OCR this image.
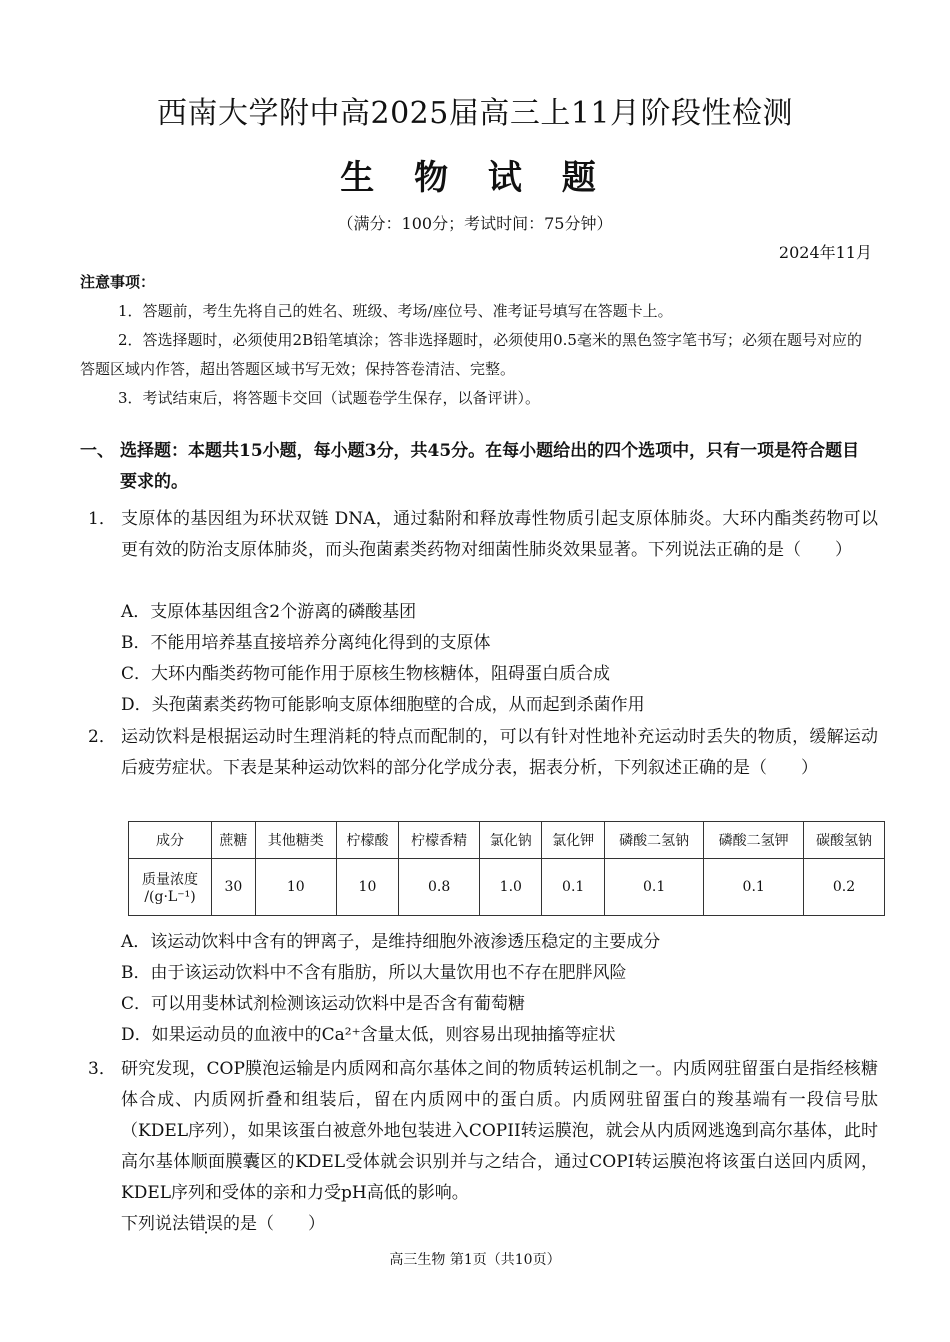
西南大学附中高2025届高三上11月阶段性检测
生 物 试 题
（满分：100分；考试时间：75分钟）
2024年11月
注意事项：
1．答题前，考生先将自己的姓名、班级、考场/座位号、准考证号填写在答题卡上。
2．答选择题时，必须使用2B铅笔填涂；答非选择题时，必须使用0.5毫米的黑色签字笔书写；必须在题号对应的答题区域内作答，超出答题区域书写无效；保持答卷清洁、完整。
3．考试结束后，将答题卡交回（试题卷学生保存，以备评讲）。
一、 选择题：本题共15小题，每小题3分，共45分。在每小题给出的四个选项中，只有一项是符合题目要求的。
1． 支原体的基因组为环状双链 DNA，通过黏附和释放毒性物质引起支原体肺炎。大环内酯类药物可以更有效的防治支原体肺炎，而头孢菌素类药物对细菌性肺炎效果显著。下列说法正确的是（　　）
A．支原体基因组含2个游离的磷酸基团
B．不能用培养基直接培养分离纯化得到的支原体
C．大环内酯类药物可能作用于原核生物核糖体，阻碍蛋白质合成
D．头孢菌素类药物可能影响支原体细胞壁的合成，从而起到杀菌作用
2． 运动饮料是根据运动时生理消耗的特点而配制的，可以有针对性地补充运动时丢失的物质，缓解运动后疲劳症状。下表是某种运动饮料的部分化学成分表，据表分析，下列叙述正确的是（　　）
成分	蔗糖	其他糖类	柠檬酸	柠檬香精	氯化钠	氯化钾	磷酸二氢钠	磷酸二氢钾	碳酸氢钠

质量浓度
/(g·L⁻¹)	30	10	10	0.8	1.0	0.1	0.1	0.1	0.2
A．该运动饮料中含有的钾离子，是维持细胞外液渗透压稳定的主要成分
B．由于该运动饮料中不含有脂肪，所以大量饮用也不存在肥胖风险
C．可以用斐林试剂检测该运动饮料中是否含有葡萄糖
D．如果运动员的血液中的Ca²⁺含量太低，则容易出现抽搐等症状
3． 研究发现，COP膜泡运输是内质网和高尔基体之间的物质转运机制之一。内质网驻留蛋白是指经核糖体合成、内质网折叠和组装后，留在内质网中的蛋白质。内质网驻留蛋白的羧基端有一段信号肽（KDEL序列），如果该蛋白被意外地包装进入COPII转运膜泡，就会从内质网逃逸到高尔基体，此时高尔基体顺面膜囊区的KDEL受体就会识别并与之结合，通过COPI转运膜泡将该蛋白送回内质网，KDEL序列和受体的亲和力受pH高低的影响。
下列说法错误的是（　　）
高三生物 第1页（共10页）
